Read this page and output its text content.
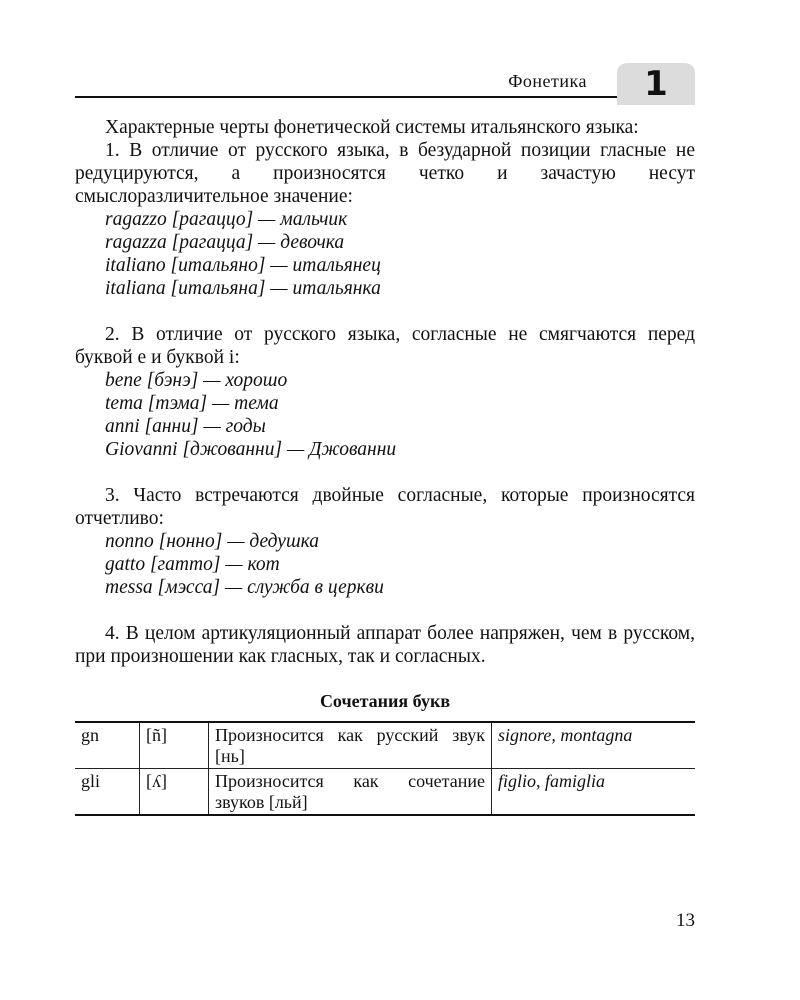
Фонетика	1

Характерные черты фонетической системы итальянского языка:

1. В отличие от русского языка, в безударной позиции гласные не редуцируются, а произносятся четко и зачастую несут смыслоразличительное значение:

ragazzo [рагаццо] — мальчик
ragazza [рагацца] — девочка
italiano [итальяно] — итальянец
italiana [итальяна] — итальянка

2. В отличие от русского языка, согласные не смягчаются перед буквой е и буквой i:

bene [бэнэ] — хорошо
tema [тэма] — тема
anni [анни] — годы
Giovanni [джованни] — Джованни

3. Часто встречаются двойные согласные, которые произносятся отчетливо:

nonno [нонно] — дедушка
gatto [гатто] — кот
messa [мэсса] — служба в церкви

4. В целом артикуляционный аппарат более напряжен, чем в русском, при произношении как гласных, так и согласных.

Сочетания букв
gn	[ñ]	Произносится как русский звук [нь]	signore, montagna
gli	[ʎ]	Произносится как сочетание звуков [льй]	figlio, famiglia
13
